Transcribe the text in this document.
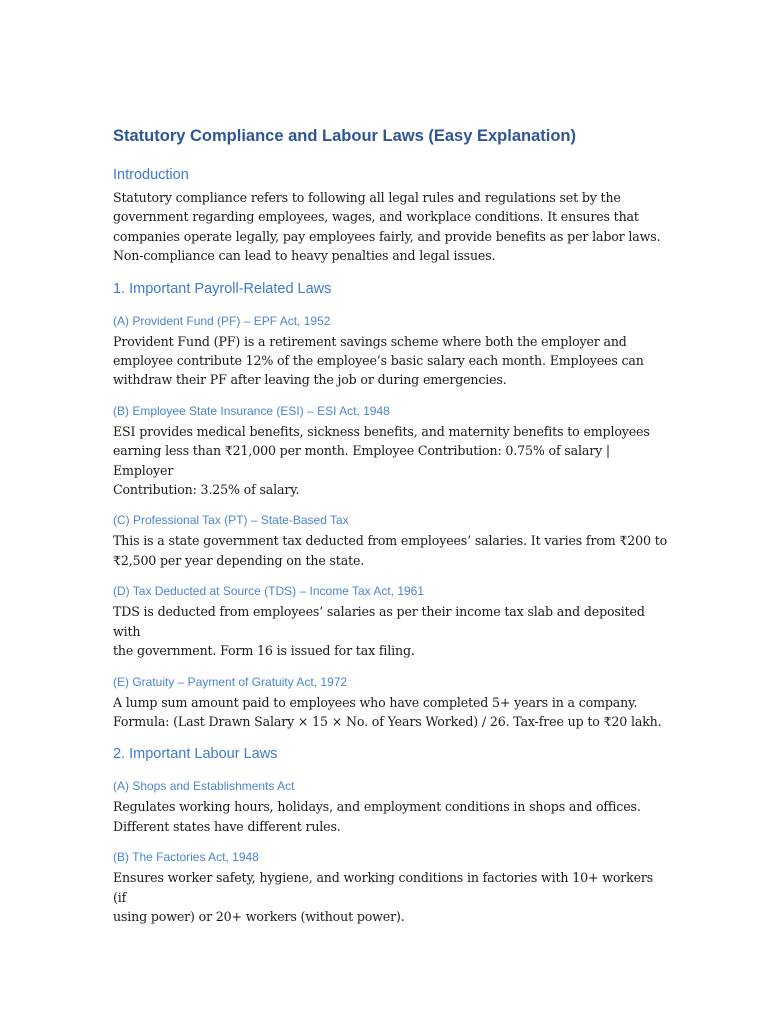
Statutory Compliance and Labour Laws (Easy Explanation)
Introduction

Statutory compliance refers to following all legal rules and regulations set by the
government regarding employees, wages, and workplace conditions. It ensures that
companies operate legally, pay employees fairly, and provide benefits as per labor laws.
Non-compliance can lead to heavy penalties and legal issues.

1. Important Payroll-Related Laws
(A) Provident Fund (PF) – EPF Act, 1952

Provident Fund (PF) is a retirement savings scheme where both the employer and
employee contribute 12% of the employee’s basic salary each month. Employees can
withdraw their PF after leaving the job or during emergencies.

(B) Employee State Insurance (ESI) – ESI Act, 1948

ESI provides medical benefits, sickness benefits, and maternity benefits to employees
earning less than ₹21,000 per month. Employee Contribution: 0.75% of salary | Employer
Contribution: 3.25% of salary.

(C) Professional Tax (PT) – State-Based Tax

This is a state government tax deducted from employees’ salaries. It varies from ₹200 to
₹2,500 per year depending on the state.

(D) Tax Deducted at Source (TDS) – Income Tax Act, 1961

TDS is deducted from employees’ salaries as per their income tax slab and deposited with
the government. Form 16 is issued for tax filing.

(E) Gratuity – Payment of Gratuity Act, 1972

A lump sum amount paid to employees who have completed 5+ years in a company.
Formula: (Last Drawn Salary × 15 × No. of Years Worked) / 26. Tax-free up to ₹20 lakh.

2. Important Labour Laws
(A) Shops and Establishments Act

Regulates working hours, holidays, and employment conditions in shops and offices.
Different states have different rules.

(B) The Factories Act, 1948

Ensures worker safety, hygiene, and working conditions in factories with 10+ workers (if
using power) or 20+ workers (without power).
